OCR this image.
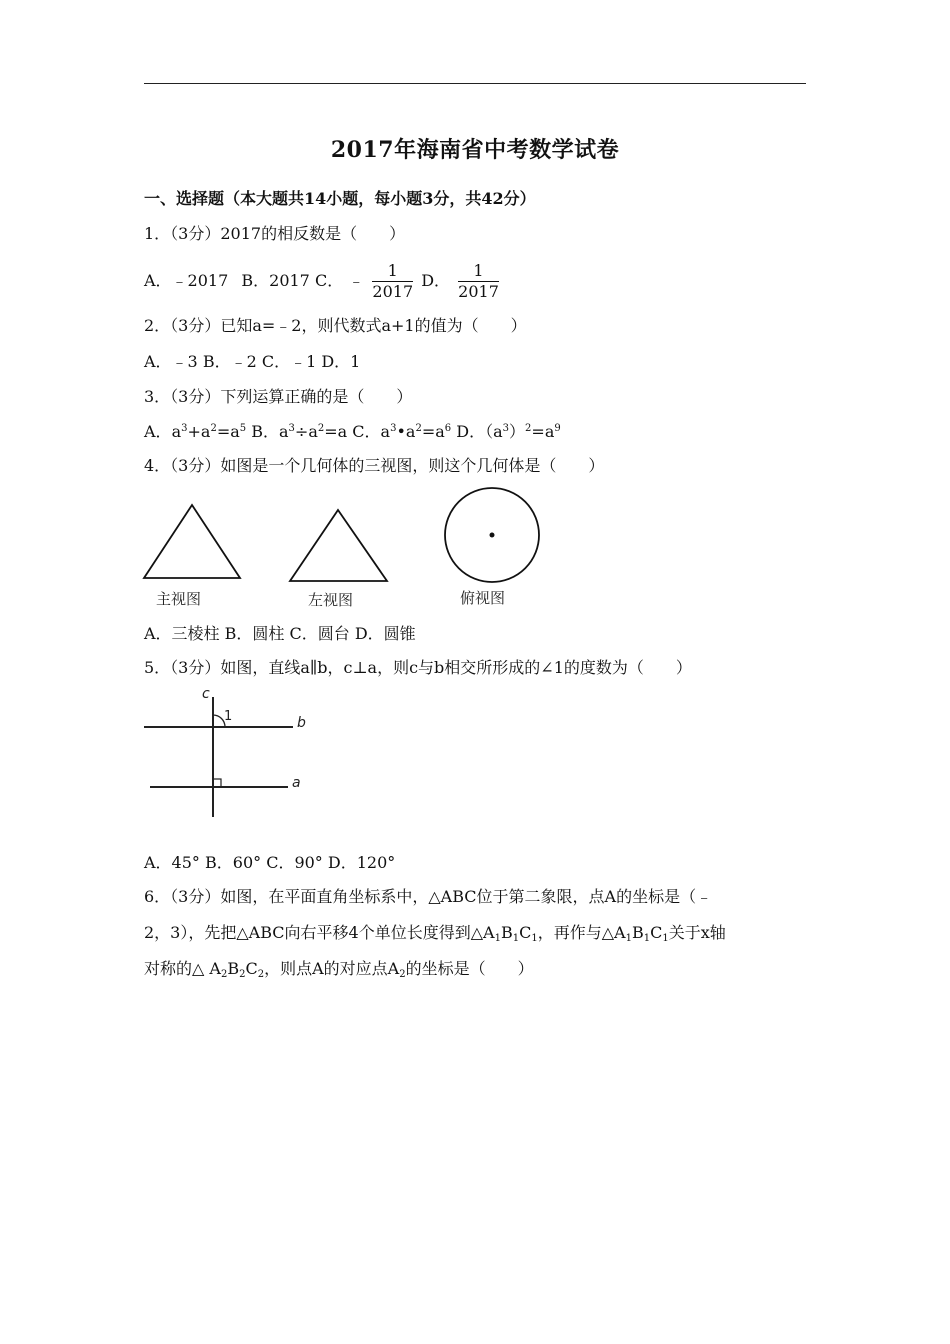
2017年海南省中考数学试卷
一、选择题（本大题共14小题，每小题3分，共42分）
1．（3分）2017的相反数是（　　）
A．﹣2017 B．2017 C． ﹣ $\frac{1}{2017}$ D． $\frac{1}{2017}$
2．（3分）已知a=﹣2，则代数式a+1的值为（　　）
A．﹣3 B．﹣2 C．﹣1 D．1
3．（3分）下列运算正确的是（　　）
A．$a^3+a^2=a^5$ B．$a^3\div a^2=a$ C．$a^3•a^2=a^6$ D．$(a^3)^2=a^9$
4．（3分）如图是一个几何体的三视图，则这个几何体是（　　）
主视图	左视图	俯视图
A．三棱柱 B．圆柱 C．圆台 D．圆锥
5．（3分）如图，直线a∥b，c⊥a，则c与b相交所形成的∠1的度数为（　　）
c
b
a
1
A．45° B．60° C．90° D．120°
6．（3分）如图，在平面直角坐标系中，△ABC位于第二象限，点A的坐标是（﹣
2，3），先把△ABC向右平移4个单位长度得到$\triangle A_1B_1C_1$，再作与$\triangle A_1B_1C_1$关于x轴
对称的△ $A_2B_2C_2$，则点A的对应点$A_2$的坐标是（　　）
